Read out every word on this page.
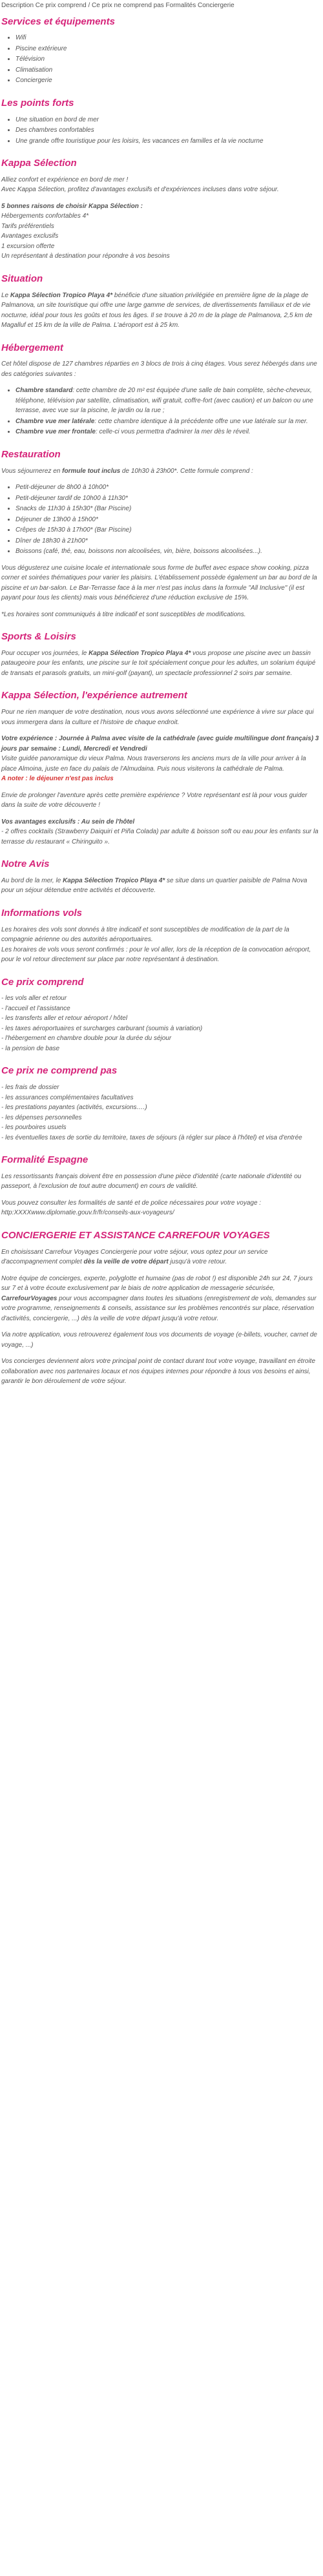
Description Ce prix comprend / Ce prix ne comprend pas Formalités Conciergerie
Services et équipements
• Wifi
• Piscine extérieure
• Télévision
• Climatisation
• Conciergerie
Les points forts
• Une situation en bord de mer
• Des chambres confortables
• Une grande offre touristique pour les loisirs, les vacances en familles et la vie nocturne
Kappa Sélection

Alliez confort et expérience en bord de mer !
Avec Kappa Sélection, profitez d'avantages exclusifs et d'expériences incluses dans votre séjour.

5 bonnes raisons de choisir Kappa Sélection :
Hébergements confortables 4*
Tarifs préférentiels
Avantages exclusifs
1 excursion offerte
Un représentant à destination pour répondre à vos besoins

Situation

Le Kappa Sélection Tropico Playa 4* bénéficie d'une situation privilégiée en première ligne de la plage de Palmanova, un site touristique qui offre une large gamme de services, de divertissements familiaux et de vie nocturne, idéal pour tous les goûts et tous les âges. Il se trouve à 20 m de la plage de Palmanova, 2,5 km de Magalluf et 15 km de la ville de Palma. L'aéroport est à 25 km.

Hébergement

Cet hôtel dispose de 127 chambres réparties en 3 blocs de trois à cinq étages. Vous serez hébergés dans une des catégories suivantes :

• Chambre standard: cette chambre de 20 m² est équipée d'une salle de bain complète, sèche-cheveux, téléphone, télévision par satellite, climatisation, wifi gratuit, coffre-fort (avec caution) et un balcon ou une terrasse, avec vue sur la piscine, le jardin ou la rue ;
• Chambre vue mer latérale: cette chambre identique à la précédente offre une vue latérale sur la mer.
• Chambre vue mer frontale: celle-ci vous permettra d'admirer la mer dès le réveil.
Restauration

Vous séjournerez en formule tout inclus de 10h30 à 23h00*. Cette formule comprend :

• Petit-déjeuner de 8h00 à 10h00*
• Petit-déjeuner tardif de 10h00 à 11h30*
• Snacks de 11h30 à 15h30* (Bar Piscine)
• Déjeuner de 13h00 à 15h00*
• Crêpes de 15h30 à 17h00* (Bar Piscine)
• Dîner de 18h30 à 21h00*
• Boissons (café, thé, eau, boissons non alcoolisées, vin, bière, boissons alcoolisées...).

Vous dégusterez une cuisine locale et internationale sous forme de buffet avec espace show cooking, pizza corner et soirées thématiques pour varier les plaisirs. L'établissement possède également un bar au bord de la piscine et un bar-salon. Le Bar-Terrasse face à la mer n'est pas inclus dans la formule "All Inclusive" (il est payant pour tous les clients) mais vous bénéficierez d'une réduction exclusive de 15%.

*Les horaires sont communiqués à titre indicatif et sont susceptibles de modifications.

Sports & Loisirs

Pour occuper vos journées, le Kappa Sélection Tropico Playa 4* vous propose une piscine avec un bassin pataugeoire pour les enfants, une piscine sur le toit spécialement conçue pour les adultes, un solarium équipé de transats et parasols gratuits, un mini-golf (payant), un spectacle professionnel 2 soirs par semaine.

Kappa Sélection, l'expérience autrement

Pour ne rien manquer de votre destination, nous vous avons sélectionné une expérience à vivre sur place qui vous immergera dans la culture et l'histoire de chaque endroit.

Votre expérience : Journée à Palma avec visite de la cathédrale (avec guide multilingue dont français) 3 jours par semaine : Lundi, Mercredi et Vendredi
Visite guidée panoramique du vieux Palma. Nous traverserons les anciens murs de la ville pour arriver à la place Almoina, juste en face du palais de l'Almudaina. Puis nous visiterons la cathédrale de Palma.
A noter : le déjeuner n'est pas inclus

Envie de prolonger l'aventure après cette première expérience ? Votre représentant est là pour vous guider dans la suite de votre découverte !

Vos avantages exclusifs : Au sein de l'hôtel
- 2 offres cocktails (Strawberry Daiquiri et Piña Colada) par adulte & boisson soft ou eau pour les enfants sur la terrasse du restaurant « Chiringuito ».

Notre Avis

Au bord de la mer, le Kappa Sélection Tropico Playa 4* se situe dans un quartier paisible de Palma Nova pour un séjour détendue entre activités et découverte.

Informations vols

Les horaires des vols sont donnés à titre indicatif et sont susceptibles de modification de la part de la compagnie aérienne ou des autorités aéroportuaires.
Les horaires de vols vous seront confirmés : pour le vol aller, lors de la réception de la convocation aéroport, pour le vol retour directement sur place par notre représentant à destination.

Ce prix comprend

- les vols aller et retour
- l'accueil et l'assistance
- les transferts aller et retour aéroport / hôtel
- les taxes aéroportuaires et surcharges carburant (soumis à variation)
- l'hébergement en chambre double pour la durée du séjour
- la pension de base

Ce prix ne comprend pas

- les frais de dossier
- les assurances complémentaires facultatives
- les prestations payantes (activités, excursions….)
- les dépenses personnelles
- les pourboires usuels
- les éventuelles taxes de sortie du territoire, taxes de séjours (à régler sur place à l'hôtel) et visa d'entrée

Formalité Espagne

Les ressortissants français doivent être en possession d'une pièce d'identité (carte nationale d'identité ou passeport, à l'exclusion de tout autre document) en cours de validité.

Vous pouvez consulter les formalités de santé et de police nécessaires pour votre voyage : http:XXXXwww.diplomatie.gouv.fr/fr/conseils-aux-voyageurs/

CONCIERGERIE ET ASSISTANCE CARREFOUR VOYAGES

En choisissant Carrefour Voyages Conciergerie pour votre séjour, vous optez pour un service d'accompagnement complet dès la veille de votre départ jusqu'à votre retour.

Notre équipe de concierges, experte, polyglotte et humaine (pas de robot !) est disponible 24h sur 24, 7 jours sur 7 et à votre écoute exclusivement par le biais de notre application de messagerie sécurisée, CarrefourVoyages pour vous accompagner dans toutes les situations (enregistrement de vols, demandes sur votre programme, renseignements & conseils, assistance sur les problèmes rencontrés sur place, réservation d'activités, conciergerie, ...) dès la veille de votre départ jusqu'à votre retour.

Via notre application, vous retrouverez également tous vos documents de voyage (e-billets, voucher, carnet de voyage, ...)

Vos concierges deviennent alors votre principal point de contact durant tout votre voyage, travaillant en étroite collaboration avec nos partenaires locaux et nos équipes internes pour répondre à tous vos besoins et ainsi, garantir le bon déroulement de votre séjour.
